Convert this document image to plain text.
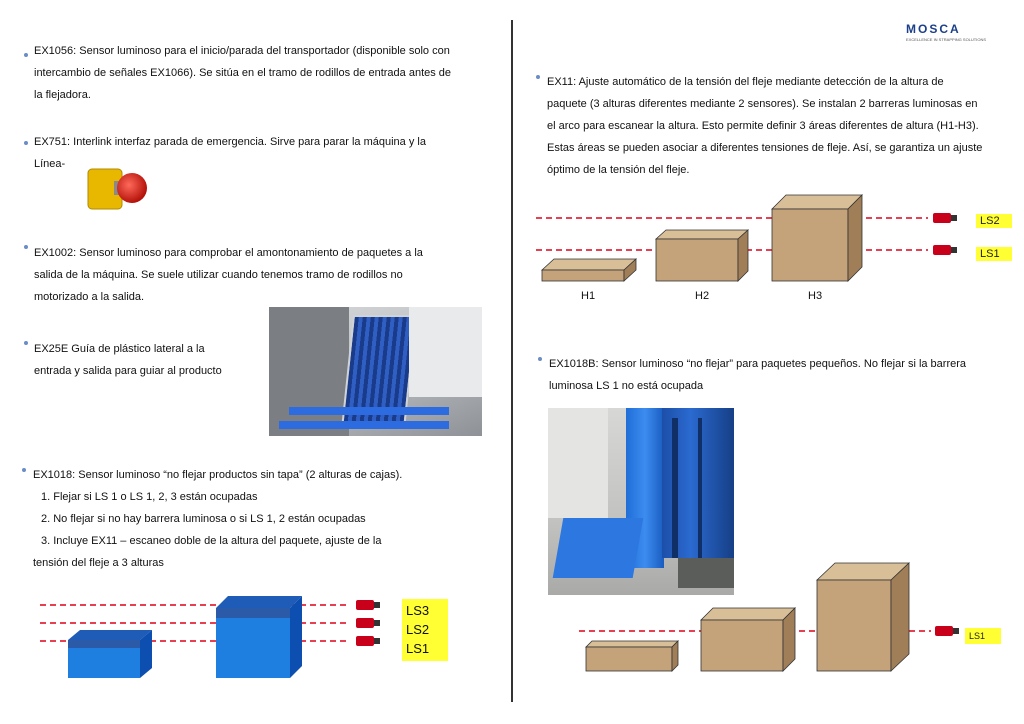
MOSCA
EXCELLENCE IN STRAPPING SOLUTIONS
EX1056: Sensor luminoso para el inicio/parada del transportador (disponible solo con
intercambio de señales EX1066). Se sitúa en el tramo de rodillos de entrada antes de
la flejadora.
EX751: Interlink interfaz parada de emergencia. Sirve para parar la máquina y la
Línea-
EX1002: Sensor luminoso para comprobar el amontonamiento de paquetes a la
salida de la máquina. Se suele utilizar cuando tenemos tramo de rodillos no
motorizado a la salida.
EX25E Guía de plástico lateral a la
entrada y salida para guiar al producto
EX1018: Sensor luminoso “no flejar productos sin tapa” (2 alturas de cajas).
1. Flejar si LS 1 o LS 1, 2, 3 están ocupadas
2. No flejar si no hay barrera luminosa o si LS 1, 2 están ocupadas
3. Incluye EX11 – escaneo doble de la altura del paquete, ajuste de la
tensión del fleje a 3 alturas
LS3
LS2
LS1
EX11: Ajuste automático de la tensión del fleje mediante detección de la altura de
paquete (3 alturas diferentes mediante 2 sensores). Se instalan 2 barreras luminosas en
el arco para escanear la altura. Esto permite definir 3 áreas diferentes de altura (H1-H3).
Estas áreas se pueden asociar a diferentes tensiones de fleje. Así, se garantiza un ajuste
óptimo de la tensión del fleje.
LS2
LS1
H1	H2	H3
EX1018B: Sensor luminoso “no flejar” para paquetes pequeños. No flejar si la barrera
luminosa LS 1 no está ocupada
LS1
